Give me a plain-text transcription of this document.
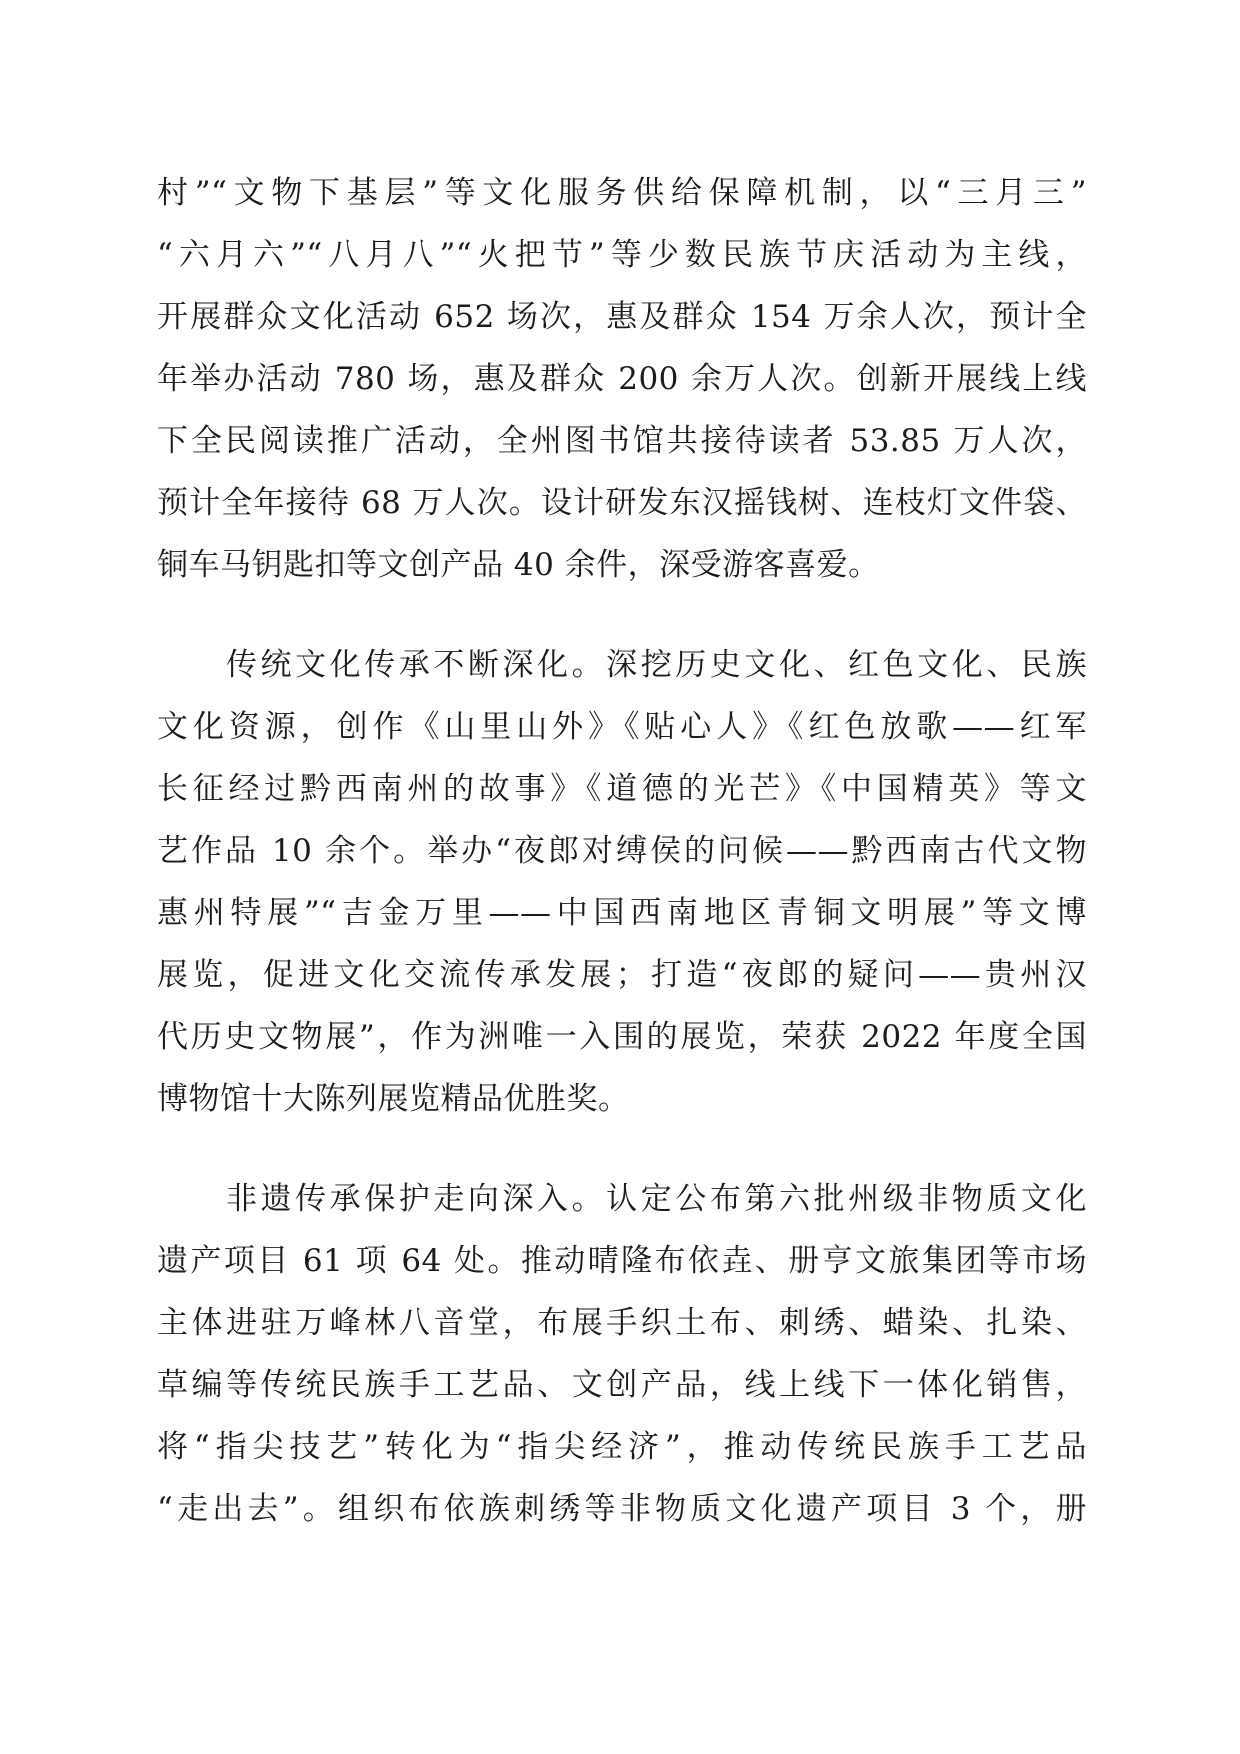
村”“文物下基层”等文化服务供给保障机制，以“三月三”
“六月六”“八月八”“火把节”等少数民族节庆活动为主线，
开展群众文化活动 652 场次，惠及群众 154 万余人次，预计全
年举办活动 780 场，惠及群众 200 余万人次。创新开展线上线
下全民阅读推广活动，全州图书馆共接待读者 53.85 万人次，
预计全年接待 68 万人次。设计研发东汉摇钱树、连枝灯文件袋、
铜车马钥匙扣等文创产品 40 余件，深受游客喜爱。
传统文化传承不断深化。深挖历史文化、红色文化、民族
文化资源，创作《山里山外》《贴心人》《红色放歌——红军
长征经过黔西南州的故事》《道德的光芒》《中国精英》等文
艺作品 10 余个。举办“夜郎对缚侯的问候——黔西南古代文物
惠州特展”“吉金万里——中国西南地区青铜文明展”等文博
展览，促进文化交流传承发展；打造“夜郎的疑问——贵州汉
代历史文物展”，作为洲唯一入围的展览，荣获 2022 年度全国
博物馆十大陈列展览精品优胜奖。
非遗传承保护走向深入。认定公布第六批州级非物质文化
遗产项目 61 项 64 处。推动晴隆布依垚、册亨文旅集团等市场
主体进驻万峰林八音堂，布展手织土布、刺绣、蜡染、扎染、
草编等传统民族手工艺品、文创产品，线上线下一体化销售，
将“指尖技艺”转化为“指尖经济”，推动传统民族手工艺品
“走出去”。组织布依族刺绣等非物质文化遗产项目 3 个，册
